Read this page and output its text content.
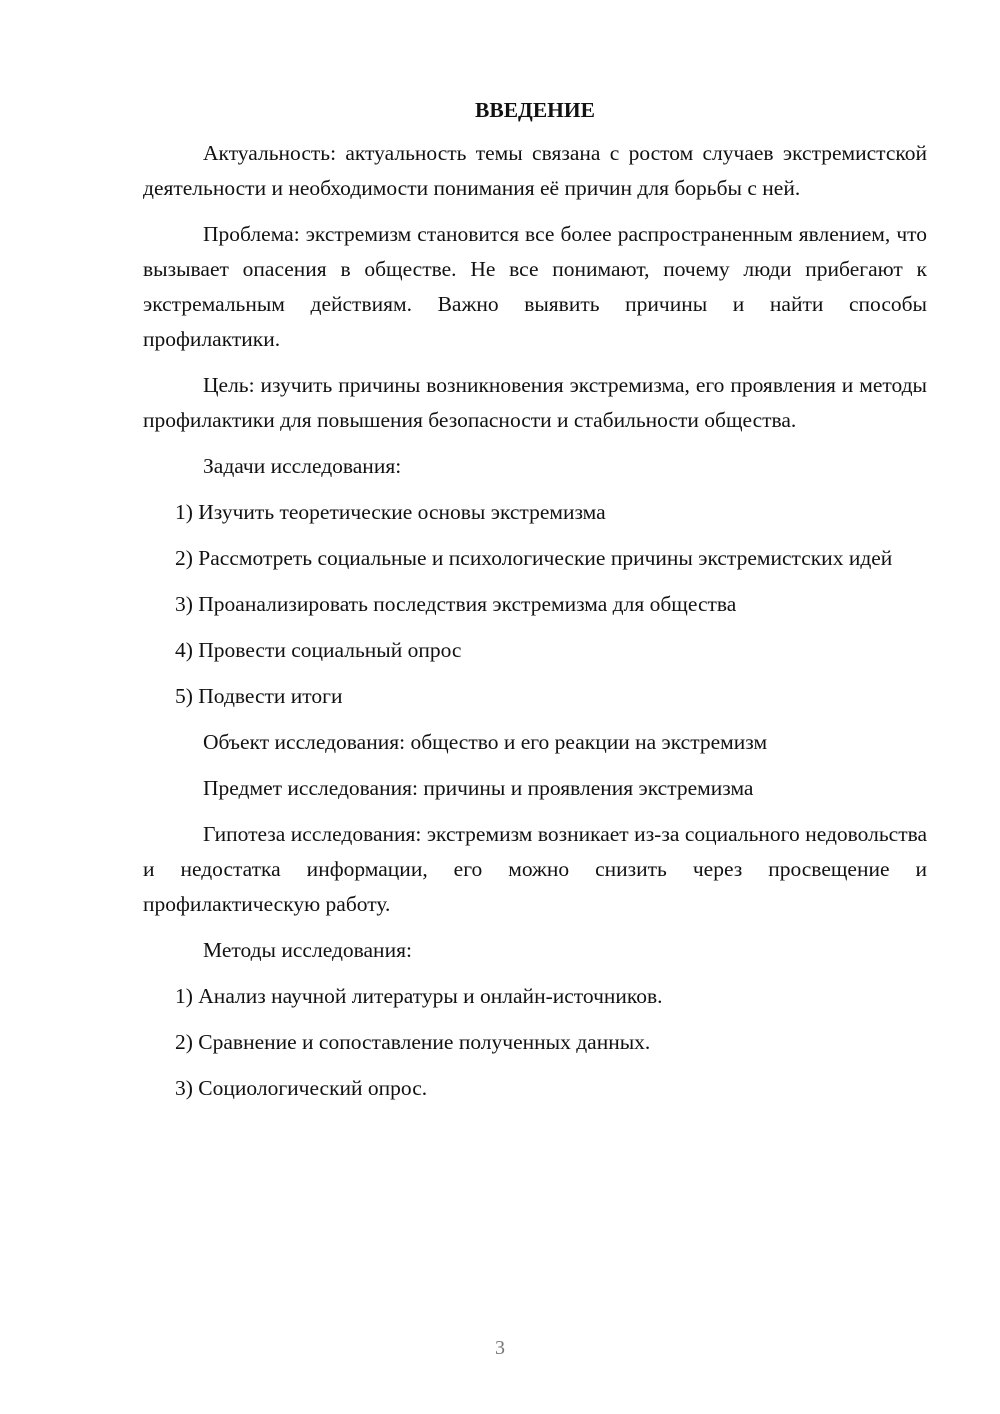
ВВЕДЕНИЕ

Актуальность: актуальность темы связана с ростом случаев экстремистской деятельности и необходимости понимания её причин для борьбы с ней.

Проблема: экстремизм становится все более распространенным явлением, что вызывает опасения в обществе. Не все понимают, почему люди прибегают к экстремальным действиям. Важно выявить причины и найти способы профилактики.

Цель: изучить причины возникновения экстремизма, его проявления и методы профилактики для повышения безопасности и стабильности общества.

Задачи исследования:

1) Изучить теоретические основы экстремизма

2) Рассмотреть социальные и психологические причины экстремистских идей

3) Проанализировать последствия экстремизма для общества

4) Провести социальный опрос

5) Подвести итоги

Объект исследования: общество и его реакции на экстремизм

Предмет исследования: причины и проявления экстремизма

Гипотеза исследования: экстремизм возникает из-за социального недовольства и недостатка информации, его можно снизить через просвещение и профилактическую работу.

Методы исследования:

1) Анализ научной литературы и онлайн-источников.

2) Сравнение и сопоставление полученных данных.

3) Социологический опрос.

3
